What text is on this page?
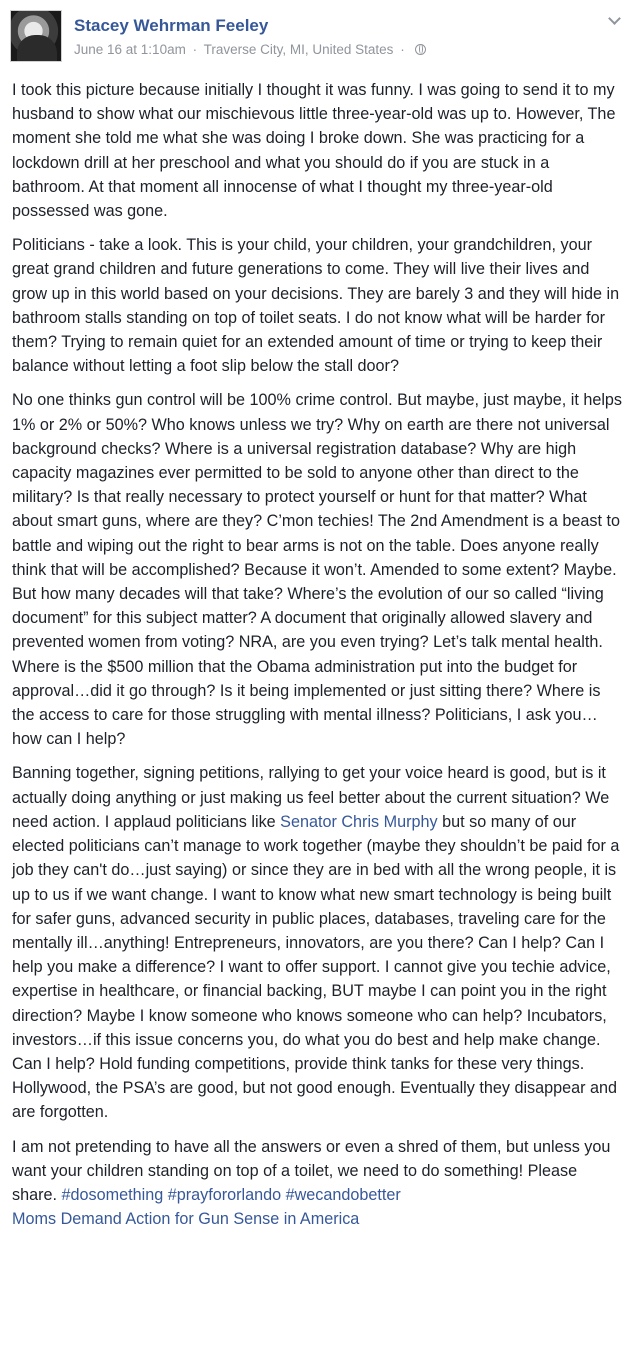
Stacey Wehrman Feeley
June 16 at 1:10am · Traverse City, MI, United States ·

I took this picture because initially I thought it was funny. I was going to send it to my husband to show what our mischievous little three-year-old was up to. However, The moment she told me what she was doing I broke down. She was practicing for a lockdown drill at her preschool and what you should do if you are stuck in a bathroom. At that moment all innocense of what I thought my three-year-old possessed was gone.

Politicians - take a look. This is your child, your children, your grandchildren, your great grand children and future generations to come. They will live their lives and grow up in this world based on your decisions. They are barely 3 and they will hide in bathroom stalls standing on top of toilet seats. I do not know what will be harder for them? Trying to remain quiet for an extended amount of time or trying to keep their balance without letting a foot slip below the stall door?

No one thinks gun control will be 100% crime control. But maybe, just maybe, it helps 1% or 2% or 50%? Who knows unless we try? Why on earth are there not universal background checks? Where is a universal registration database? Why are high capacity magazines ever permitted to be sold to anyone other than direct to the military? Is that really necessary to protect yourself or hunt for that matter? What about smart guns, where are they? C’mon techies! The 2nd Amendment is a beast to battle and wiping out the right to bear arms is not on the table. Does anyone really think that will be accomplished? Because it won’t. Amended to some extent? Maybe. But how many decades will that take? Where’s the evolution of our so called “living document” for this subject matter? A document that originally allowed slavery and prevented women from voting? NRA, are you even trying? Let’s talk mental health. Where is the $500 million that the Obama administration put into the budget for approval…did it go through? Is it being implemented or just sitting there? Where is the access to care for those struggling with mental illness? Politicians, I ask you…how can I help?

Banning together, signing petitions, rallying to get your voice heard is good, but is it actually doing anything or just making us feel better about the current situation? We need action. I applaud politicians like Senator Chris Murphy but so many of our elected politicians can’t manage to work together (maybe they shouldn’t be paid for a job they can't do…just saying) or since they are in bed with all the wrong people, it is up to us if we want change. I want to know what new smart technology is being built for safer guns, advanced security in public places, databases, traveling care for the mentally ill…anything! Entrepreneurs, innovators, are you there? Can I help? Can I help you make a difference? I want to offer support. I cannot give you techie advice, expertise in healthcare, or financial backing, BUT maybe I can point you in the right direction? Maybe I know someone who knows someone who can help? Incubators, investors…if this issue concerns you, do what you do best and help make change. Can I help? Hold funding competitions, provide think tanks for these very things. Hollywood, the PSA’s are good, but not good enough. Eventually they disappear and are forgotten.

I am not pretending to have all the answers or even a shred of them, but unless you want your children standing on top of a toilet, we need to do something! Please share. #dosomething #prayfororlando #wecandobetter
Moms Demand Action for Gun Sense in America
